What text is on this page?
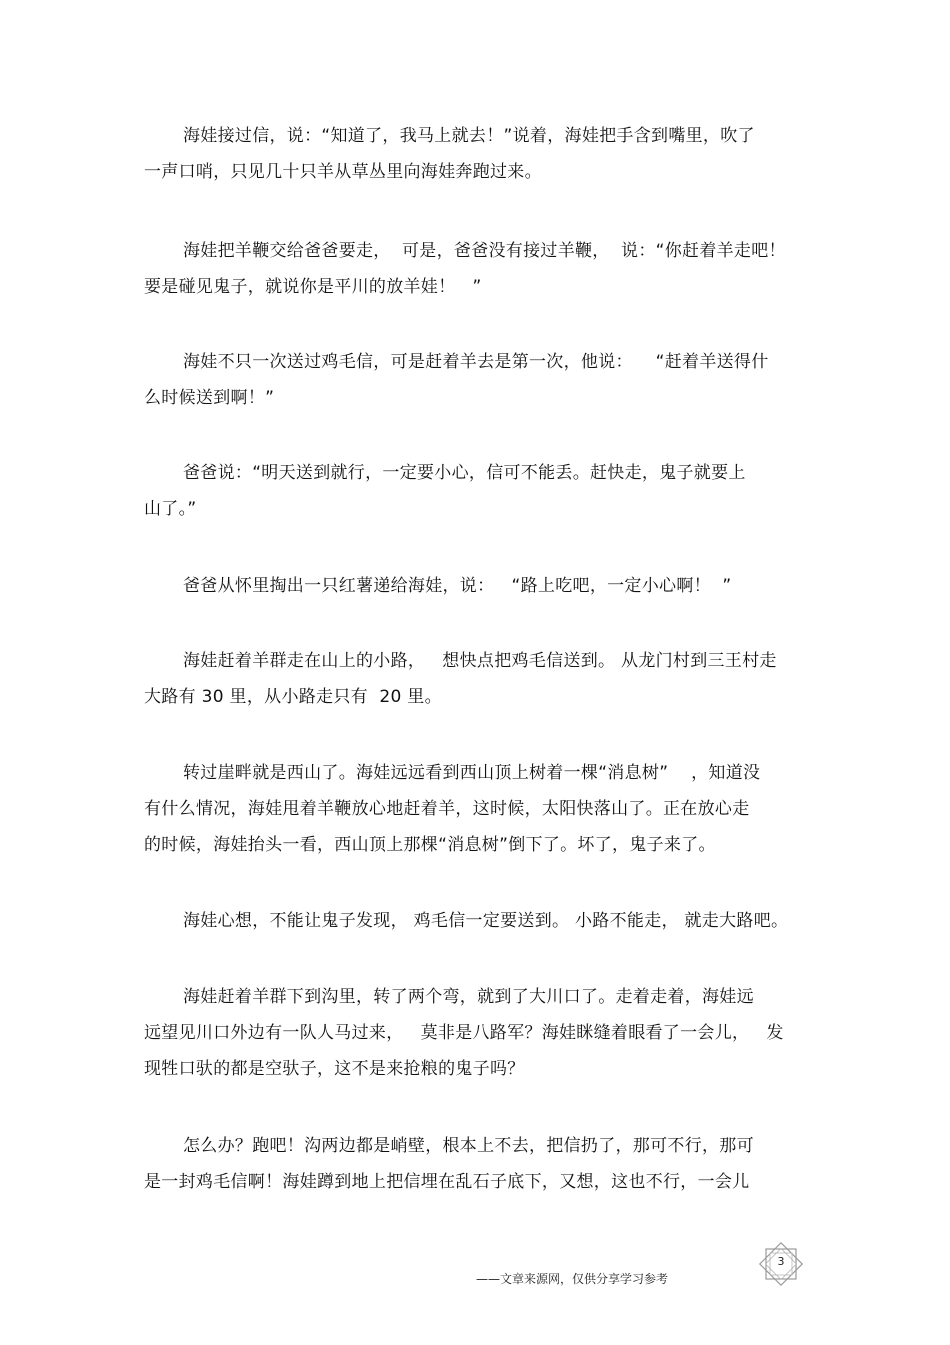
海娃接过信，说：“知道了，我马上就去！”说着，海娃把手含到嘴里，吹了
一声口哨，只见几十只羊从草丛里向海娃奔跑过来。
海娃把羊鞭交给爸爸要走，  可是，爸爸没有接过羊鞭，  说：“你赶着羊走吧！
要是碰见鬼子，就说你是平川的放羊娃！   ”
海娃不只一次送过鸡毛信，可是赶着羊去是第一次，他说：    “赶着羊送得什
么时候送到啊！”
爸爸说：“明天送到就行，一定要小心，信可不能丢。赶快走，鬼子就要上
山了。”
爸爸从怀里掏出一只红薯递给海娃，说：   “路上吃吧，一定小心啊！  ”
海娃赶着羊群走在山上的小路，   想快点把鸡毛信送到。 从龙门村到三王村走
大路有 30 里，从小路走只有  20 里。
转过崖畔就是西山了。海娃远远看到西山顶上树着一棵“消息树”    ，知道没
有什么情况，海娃甩着羊鞭放心地赶着羊，这时候，太阳快落山了。正在放心走
的时候，海娃抬头一看，西山顶上那棵“消息树”倒下了。坏了，鬼子来了。
海娃心想，不能让鬼子发现， 鸡毛信一定要送到。 小路不能走， 就走大路吧。
海娃赶着羊群下到沟里，转了两个弯，就到了大川口了。走着走着，海娃远
远望见川口外边有一队人马过来，   莫非是八路军？海娃眯缝着眼看了一会儿，   发
现牲口驮的都是空驮子，这不是来抢粮的鬼子吗？
怎么办？跑吧！沟两边都是峭壁，根本上不去，把信扔了，那可不行，那可
是一封鸡毛信啊！海娃蹲到地上把信埋在乱石子底下，又想，这也不行，一会儿
——文章来源网，仅供分享学习参考
3
